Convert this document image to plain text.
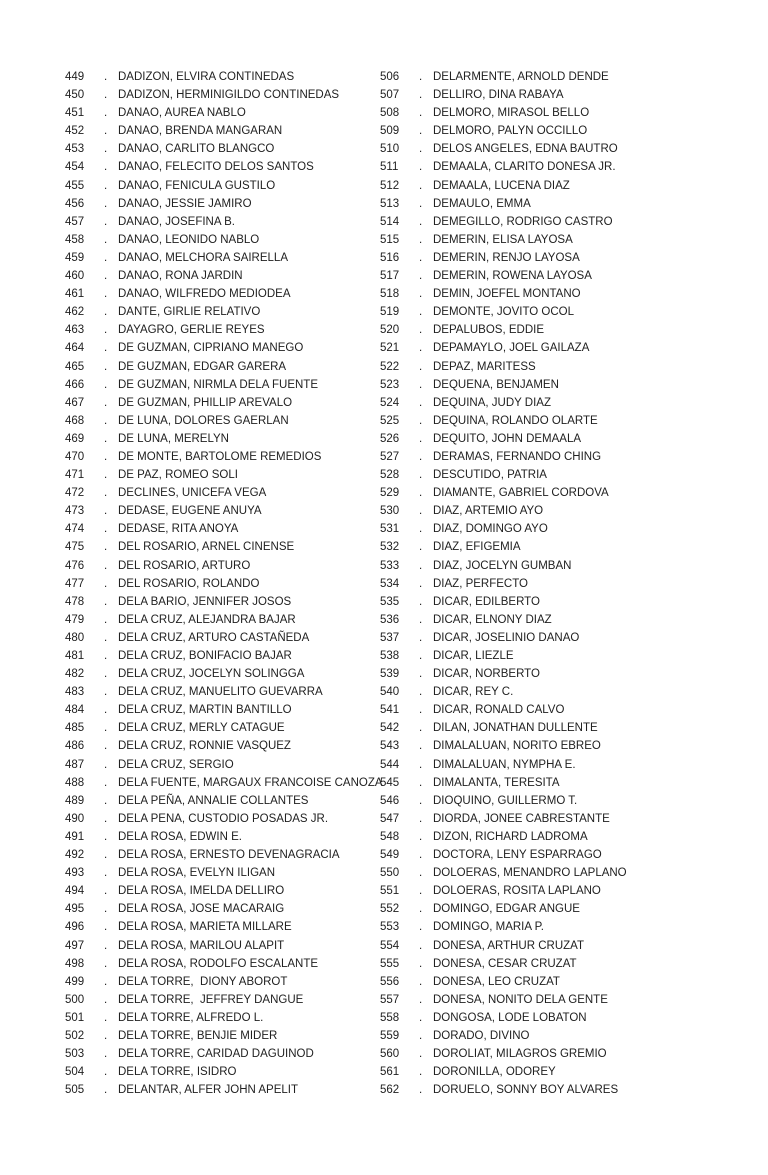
449	. DADIZON, ELVIRA CONTINEDAS
450	. DADIZON, HERMINIGILDO CONTINEDAS
451	. DANAO, AUREA NABLO
452	. DANAO, BRENDA MANGARAN
453	. DANAO, CARLITO BLANGCO
454	. DANAO, FELECITO DELOS SANTOS
455	. DANAO, FENICULA GUSTILO
456	. DANAO, JESSIE JAMIRO
457	. DANAO, JOSEFINA B.
458	. DANAO, LEONIDO NABLO
459	. DANAO, MELCHORA SAIRELLA
460	. DANAO, RONA JARDIN
461	. DANAO, WILFREDO MEDIODEA
462	. DANTE, GIRLIE RELATIVO
463	. DAYAGRO, GERLIE REYES
464	. DE GUZMAN, CIPRIANO MANEGO
465	. DE GUZMAN, EDGAR GARERA
466	. DE GUZMAN, NIRMLA DELA FUENTE
467	. DE GUZMAN, PHILLIP AREVALO
468	. DE LUNA, DOLORES GAERLAN
469	. DE LUNA, MERELYN
470	. DE MONTE, BARTOLOME REMEDIOS
471	. DE PAZ, ROMEO SOLI
472	. DECLINES, UNICEFA VEGA
473	. DEDASE, EUGENE ANUYA
474	. DEDASE, RITA ANOYA
475	. DEL ROSARIO, ARNEL CINENSE
476	. DEL ROSARIO, ARTURO
477	. DEL ROSARIO, ROLANDO
478	. DELA BARIO, JENNIFER JOSOS
479	. DELA CRUZ, ALEJANDRA BAJAR
480	. DELA CRUZ, ARTURO CASTAÑEDA
481	. DELA CRUZ, BONIFACIO BAJAR
482	. DELA CRUZ, JOCELYN SOLINGGA
483	. DELA CRUZ, MANUELITO GUEVARRA
484	. DELA CRUZ, MARTIN BANTILLO
485	. DELA CRUZ, MERLY CATAGUE
486	. DELA CRUZ, RONNIE VASQUEZ
487	. DELA CRUZ, SERGIO
488	. DELA FUENTE, MARGAUX FRANCOISE CANOZA
489	. DELA PEÑA, ANNALIE COLLANTES
490	. DELA PENA, CUSTODIO POSADAS JR.
491	. DELA ROSA, EDWIN E.
492	. DELA ROSA, ERNESTO DEVENAGRACIA
493	. DELA ROSA, EVELYN ILIGAN
494	. DELA ROSA, IMELDA DELLIRO
495	. DELA ROSA, JOSE MACARAIG
496	. DELA ROSA, MARIETA MILLARE
497	. DELA ROSA, MARILOU ALAPIT
498	. DELA ROSA, RODOLFO ESCALANTE
499	. DELA TORRE,  DIONY ABOROT
500	. DELA TORRE,  JEFFREY DANGUE
501	. DELA TORRE, ALFREDO L.
502	. DELA TORRE, BENJIE MIDER
503	. DELA TORRE, CARIDAD DAGUINOD
504	. DELA TORRE, ISIDRO
505	. DELANTAR, ALFER JOHN APELIT
506	. DELARMENTE, ARNOLD DENDE
507	. DELLIRO, DINA RABAYA
508	. DELMORO, MIRASOL BELLO
509	. DELMORO, PALYN OCCILLO
510	. DELOS ANGELES, EDNA BAUTRO
511	. DEMAALA, CLARITO DONESA JR.
512	. DEMAALA, LUCENA DIAZ
513	. DEMAULO, EMMA
514	. DEMEGILLO, RODRIGO CASTRO
515	. DEMERIN, ELISA LAYOSA
516	. DEMERIN, RENJO LAYOSA
517	. DEMERIN, ROWENA LAYOSA
518	. DEMIN, JOEFEL MONTANO
519	. DEMONTE, JOVITO OCOL
520	. DEPALUBOS, EDDIE
521	. DEPAMAYLO, JOEL GAILAZA
522	. DEPAZ, MARITESS
523	. DEQUENA, BENJAMEN
524	. DEQUINA, JUDY DIAZ
525	. DEQUINA, ROLANDO OLARTE
526	. DEQUITO, JOHN DEMAALA
527	. DERAMAS, FERNANDO CHING
528	. DESCUTIDO, PATRIA
529	. DIAMANTE, GABRIEL CORDOVA
530	. DIAZ, ARTEMIO AYO
531	. DIAZ, DOMINGO AYO
532	. DIAZ, EFIGEMIA
533	. DIAZ, JOCELYN GUMBAN
534	. DIAZ, PERFECTO
535	. DICAR, EDILBERTO
536	. DICAR, ELNONY DIAZ
537	. DICAR, JOSELINIO DANAO
538	. DICAR, LIEZLE
539	. DICAR, NORBERTO
540	. DICAR, REY C.
541	. DICAR, RONALD CALVO
542	. DILAN, JONATHAN DULLENTE
543	. DIMALALUAN, NORITO EBREO
544	. DIMALALUAN, NYMPHA E.
545	. DIMALANTA, TERESITA
546	. DIOQUINO, GUILLERMO T.
547	. DIORDA, JONEE CABRESTANTE
548	. DIZON, RICHARD LADROMA
549	. DOCTORA, LENY ESPARRAGO
550	. DOLOERAS, MENANDRO LAPLANO
551	. DOLOERAS, ROSITA LAPLANO
552	. DOMINGO, EDGAR ANGUE
553	. DOMINGO, MARIA P.
554	. DONESA, ARTHUR CRUZAT
555	. DONESA, CESAR CRUZAT
556	. DONESA, LEO CRUZAT
557	. DONESA, NONITO DELA GENTE
558	. DONGOSA, LODE LOBATON
559	. DORADO, DIVINO
560	. DOROLIAT, MILAGROS GREMIO
561	. DORONILLA, ODOREY
562	. DORUELO, SONNY BOY ALVARES
